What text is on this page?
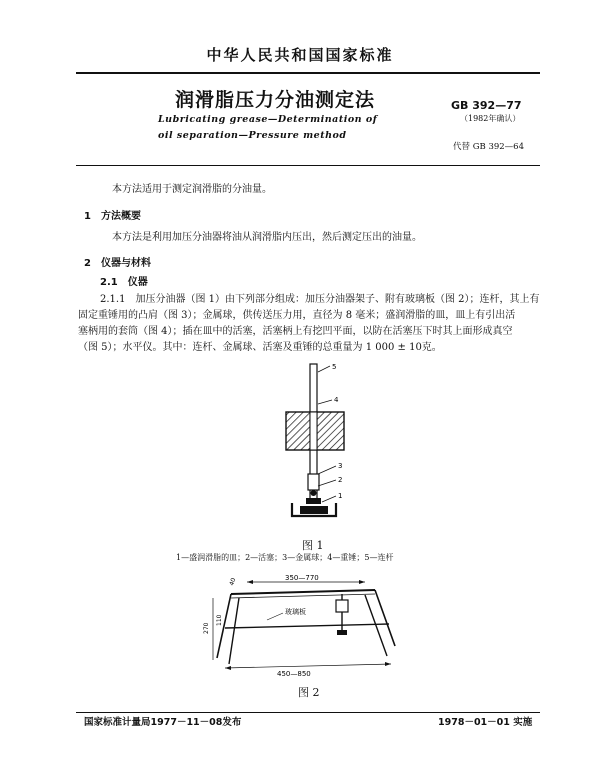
中华人民共和国国家标准
润滑脂压力分油测定法
Lubricating grease—Determination of
oil separation—Pressure method
GB 392—77
（1982年确认）
代替 GB 392—64
本方法适用于测定润滑脂的分油量。
1　方法概要
本方法是利用加压分油器将油从润滑脂内压出，然后测定压出的油量。
2　仪器与材料
2.1　仪器
2.1.1　加压分油器（图 1）由下列部分组成：加压分油器架子、附有玻璃板（图 2）；连杆，其上有
固定重锤用的凸肩（图 3）；金属球，供传送压力用，直径为 8 毫米；盛润滑脂的皿，皿上有引出活
塞柄用的套筒（图 4）；插在皿中的活塞，活塞柄上有挖凹平面，以防在活塞压下时其上面形成真空
（图 5）；水平仪。其中：连杆、金属球、活塞及重锤的总重量为 1 000 ± 10克。
5
4
3
2
1
图 1
1—盛润滑脂的皿；2—活塞；3—金属球；4—重锤；5—连杆
350—770
40
玻璃板
270
110
450—850
图 2
国家标准计量局1977－11－08发布	1978－01－01 实施
